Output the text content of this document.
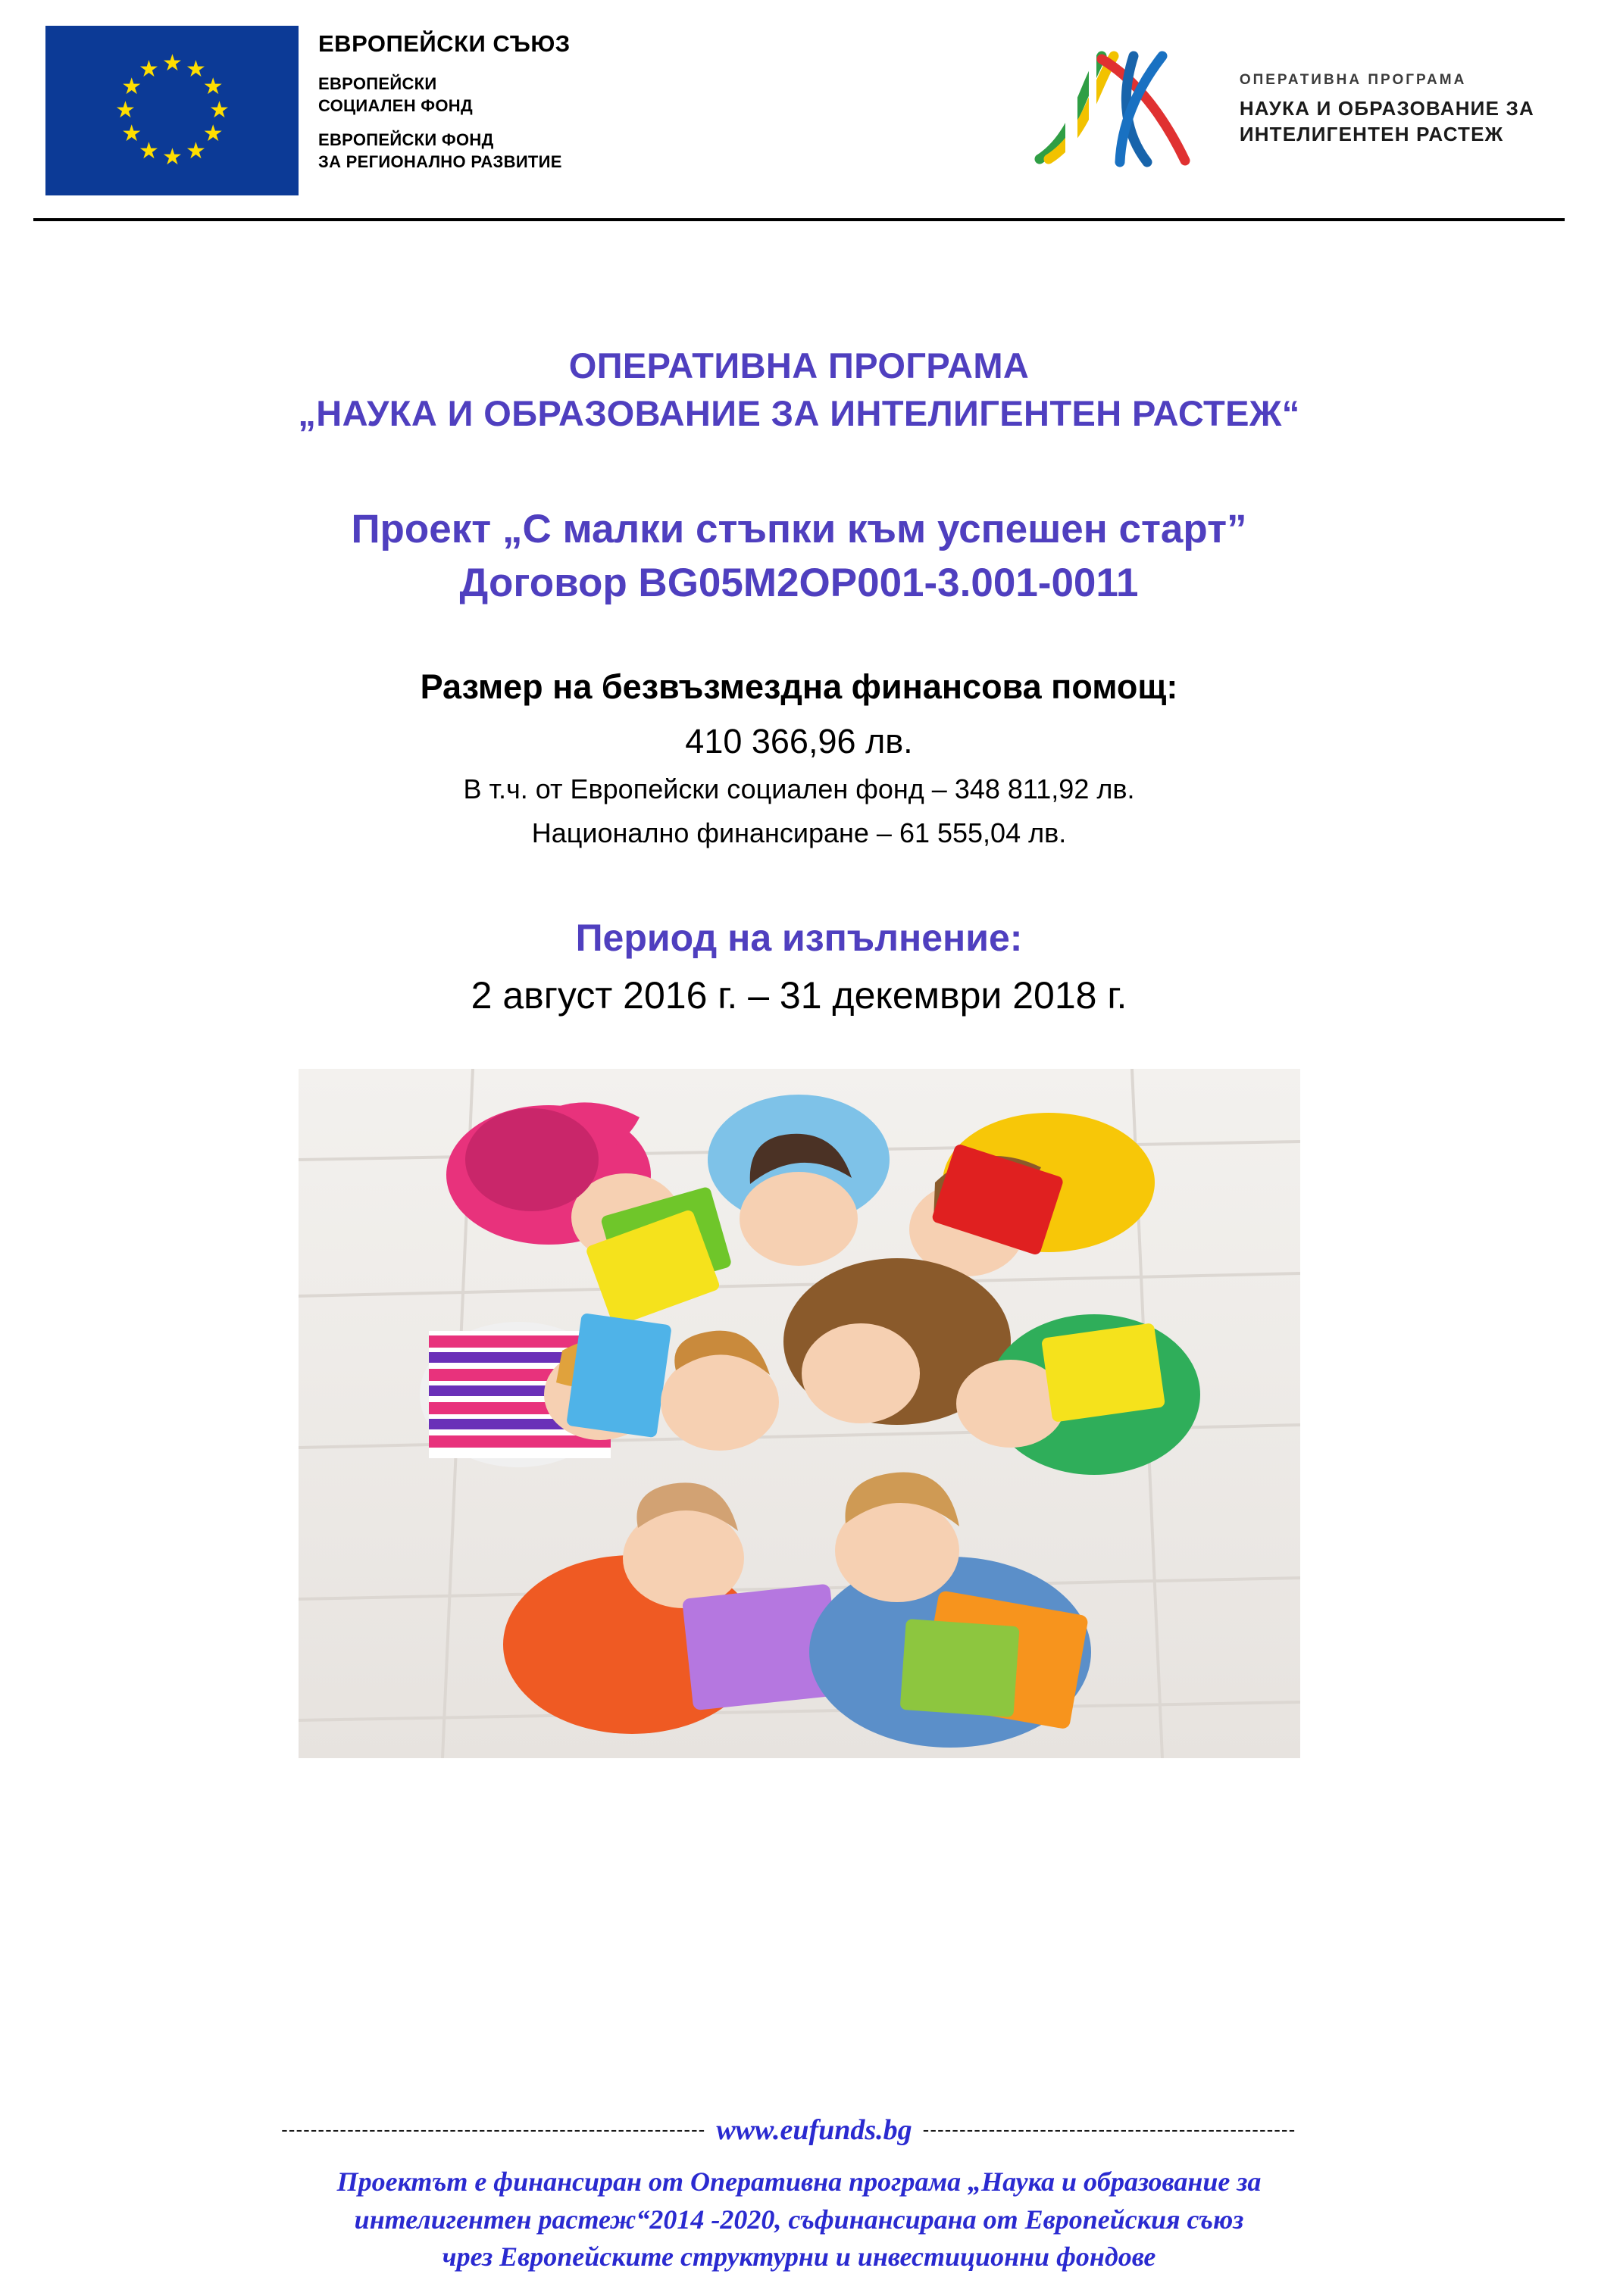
★ ★
★
★
★
★
★
★
★
★
★
★
ЕВРОПЕЙСКИ СЪЮЗ
ЕВРОПЕЙСКИ
СОЦИАЛЕН ФОНД
ЕВРОПЕЙСКИ ФОНД
ЗА РЕГИОНАЛНО РАЗВИТИЕ
ОПЕРАТИВНА ПРОГРАМА
НАУКА И ОБРАЗОВАНИЕ ЗА
ИНТЕЛИГЕНТЕН РАСТЕЖ
ОПЕРАТИВНА ПРОГРАМА
„НАУКА И ОБРАЗОВАНИЕ ЗА ИНТЕЛИГЕНТЕН РАСТЕЖ“
Проект „С малки стъпки към успешен старт”
Договор BG05M2OP001-3.001-0011
Размер на безвъзмездна финансова помощ:
410 366,96 лв.
В т.ч. от Европейски социален фонд – 348 811,92 лв.
Национално финансиране – 61 555,04 лв.
Период на изпълнение:
2 август 2016 г. – 31 декември 2018 г.
---------------------------------------------------------- www.eufunds.bg ---------------------------------------------------
Проектът е финансиран от Оперативна програма „Наука и образование за
интелигентен растеж“2014 -2020, съфинансирана от Европейския съюз
чрез Европейските структурни и инвестиционни фондове
